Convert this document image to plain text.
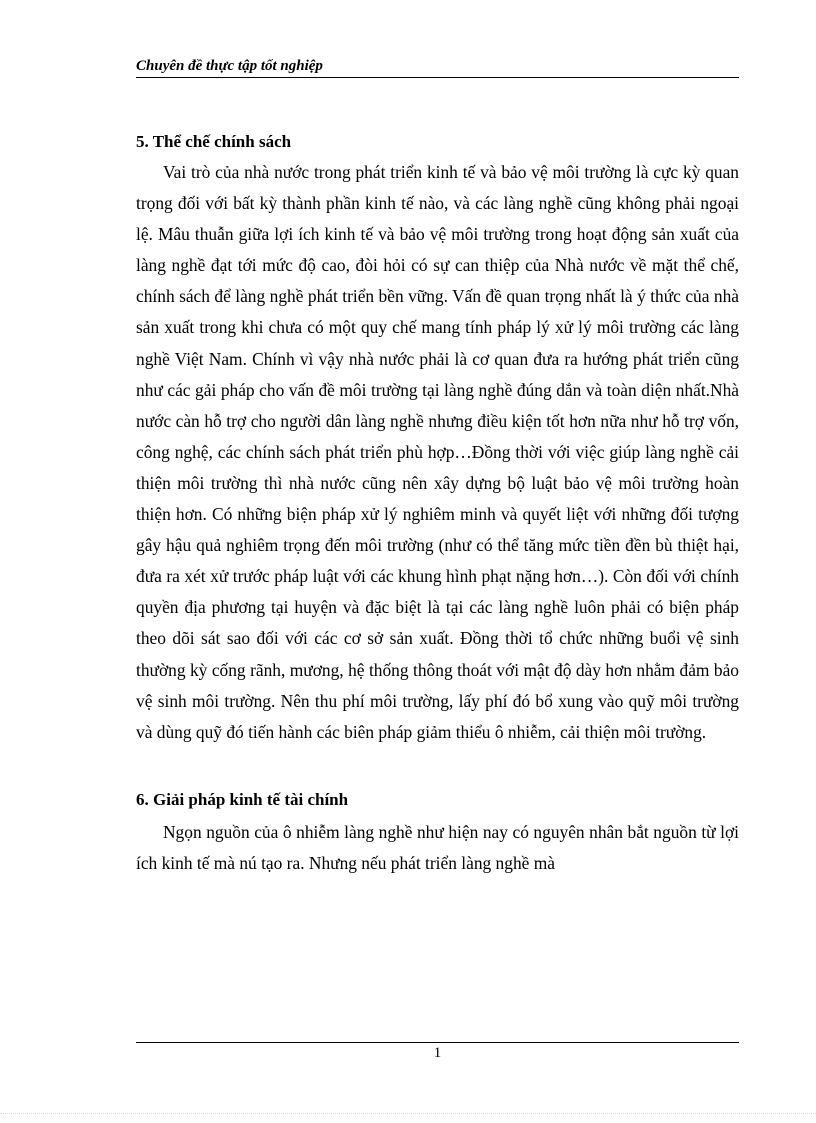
Chuyên đề thực tập tốt nghiệp
5. Thể chế chính sách

Vai trò của nhà nước trong phát triển kinh tế và bảo vệ môi trường là cực kỳ quan trọng đối với bất kỳ thành phần kinh tế nào, và các làng nghề cũng không phải ngoại lệ. Mâu thuẫn giữa lợi ích kinh tế và bảo vệ môi trường trong hoạt động sản xuất của làng nghề đạt tới mức độ cao, đòi hỏi có sự can thiệp của Nhà nước về mặt thể chế, chính sách để làng nghề phát triển bền vững. Vấn đề quan trọng nhất là ý thức của nhà sản xuất trong khi chưa có một quy chế mang tính pháp lý xử lý môi trường các làng nghề Việt Nam. Chính vì vậy nhà nước phải là cơ quan đưa ra hướng phát triển cũng như các gải pháp cho vấn đề môi trường tại làng nghề đúng dắn và toàn diện nhất.Nhà nước càn hỗ trợ cho người dân làng nghề nhưng điều kiện tốt hơn nữa như hỗ trợ vốn, công nghệ, các chính sách phát triển phù hợp…Đồng thời với việc giúp làng nghề cải thiện môi trường thì nhà nước cũng nên xây dựng bộ luật bảo vệ môi trường hoàn thiện hơn. Có những biện pháp xử lý nghiêm minh và quyết liệt với những đối tượng gây hậu quả nghiêm trọng đến môi trường (như có thể tăng mức tiền đền bù thiệt hại, đưa ra xét xử trước pháp luật với các khung hình phạt nặng hơn…). Còn đối với chính quyền địa phương tại huyện và đặc biệt là tại các làng nghề luôn phải có biện pháp theo dõi sát sao đối với các cơ sở sản xuất. Đồng thời tổ chức những buổi vệ sinh thường kỳ cống rãnh, mương, hệ thống thông thoát với mật độ dày hơn nhằm đảm bảo vệ sinh môi trường. Nên thu phí môi trường, lấy phí đó bổ xung vào quỹ môi trường và dùng quỹ đó tiến hành các biên pháp giảm thiểu ô nhiễm, cải thiện môi trường.

6. Giải pháp kinh tế tài chính

Ngọn nguồn của ô nhiễm làng nghề như hiện nay có nguyên nhân bắt nguồn từ lợi ích kinh tế mà nú tạo ra. Nhưng nếu phát triển làng nghề mà

1
